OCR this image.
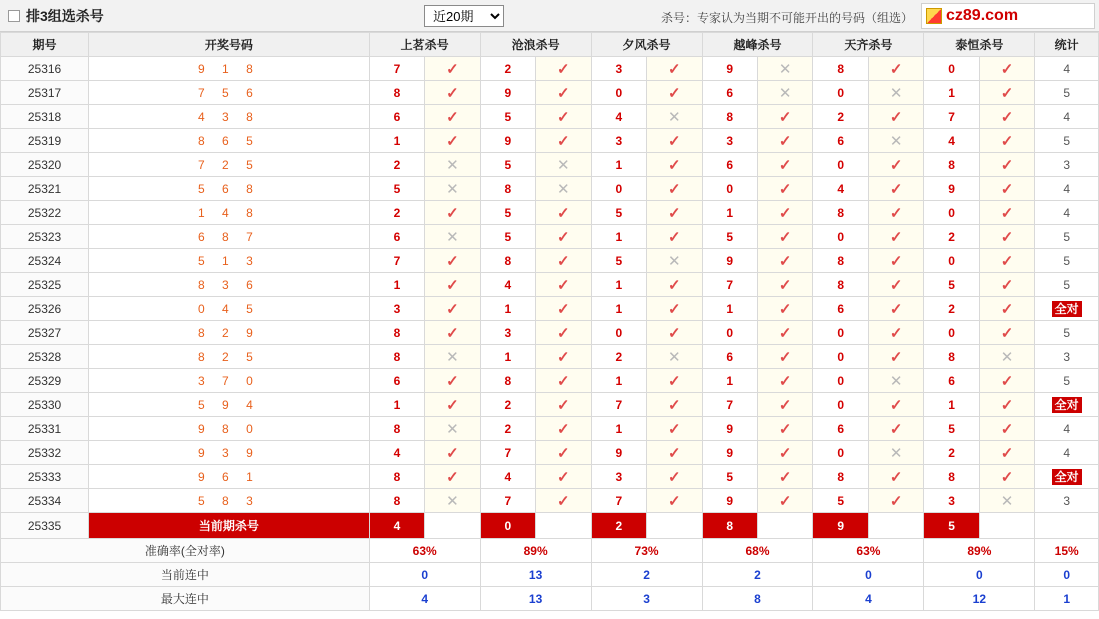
排3组选杀号
近20期	杀号：专家认为当期不可能开出的号码（组选） cz89.com
期号	开奖号码	上茗杀号		沧浪杀号		夕风杀号		越峰杀号		天齐杀号		泰恒杀号		统计
25316	9 1 8	7	✓	2	✓	3	✓	9	✕	8	✓	0	✓	4
25317	7 5 6	8	✓	9	✓	0	✓	6	✕	0	✕	1	✓	5
25318	4 3 8	6	✓	5	✓	4	✕	8	✓	2	✓	7	✓	4
25319	8 6 5	1	✓	9	✓	3	✓	3	✓	6	✕	4	✓	5
25320	7 2 5	2	✕	5	✕	1	✓	6	✓	0	✓	8	✓	3
25321	5 6 8	5	✕	8	✕	0	✓	0	✓	4	✓	9	✓	4
25322	1 4 8	2	✓	5	✓	5	✓	1	✓	8	✓	0	✓	4
25323	6 8 7	6	✕	5	✓	1	✓	5	✓	0	✓	2	✓	5
25324	5 1 3	7	✓	8	✓	5	✕	9	✓	8	✓	0	✓	5
25325	8 3 6	1	✓	4	✓	1	✓	7	✓	8	✓	5	✓	5
25326	0 4 5	3	✓	1	✓	1	✓	1	✓	6	✓	2	✓	全对
25327	8 2 9	8	✓	3	✓	0	✓	0	✓	0	✓	0	✓	5
25328	8 2 5	8	✕	1	✓	2	✕	6	✓	0	✓	8	✕	3
25329	3 7 0	6	✓	8	✓	1	✓	1	✓	0	✕	6	✓	5
25330	5 9 4	1	✓	2	✓	7	✓	7	✓	0	✓	1	✓	全对
25331	9 8 0	8	✕	2	✓	1	✓	9	✓	6	✓	5	✓	4
25332	9 3 9	4	✓	7	✓	9	✓	9	✓	0	✕	2	✓	4
25333	9 6 1	8	✓	4	✓	3	✓	5	✓	8	✓	8	✓	全对
25334	5 8 3	8	✕	7	✓	7	✓	9	✓	5	✓	3	✕	3
25335	当前期杀号	4		0		2		8		9		5		
准确率(全对率)		63%		89%		73%		68%		63%		89%		15%
当前连中		0		13		2		2		0		0		0
最大连中		4		13		3		8		4		12		1
